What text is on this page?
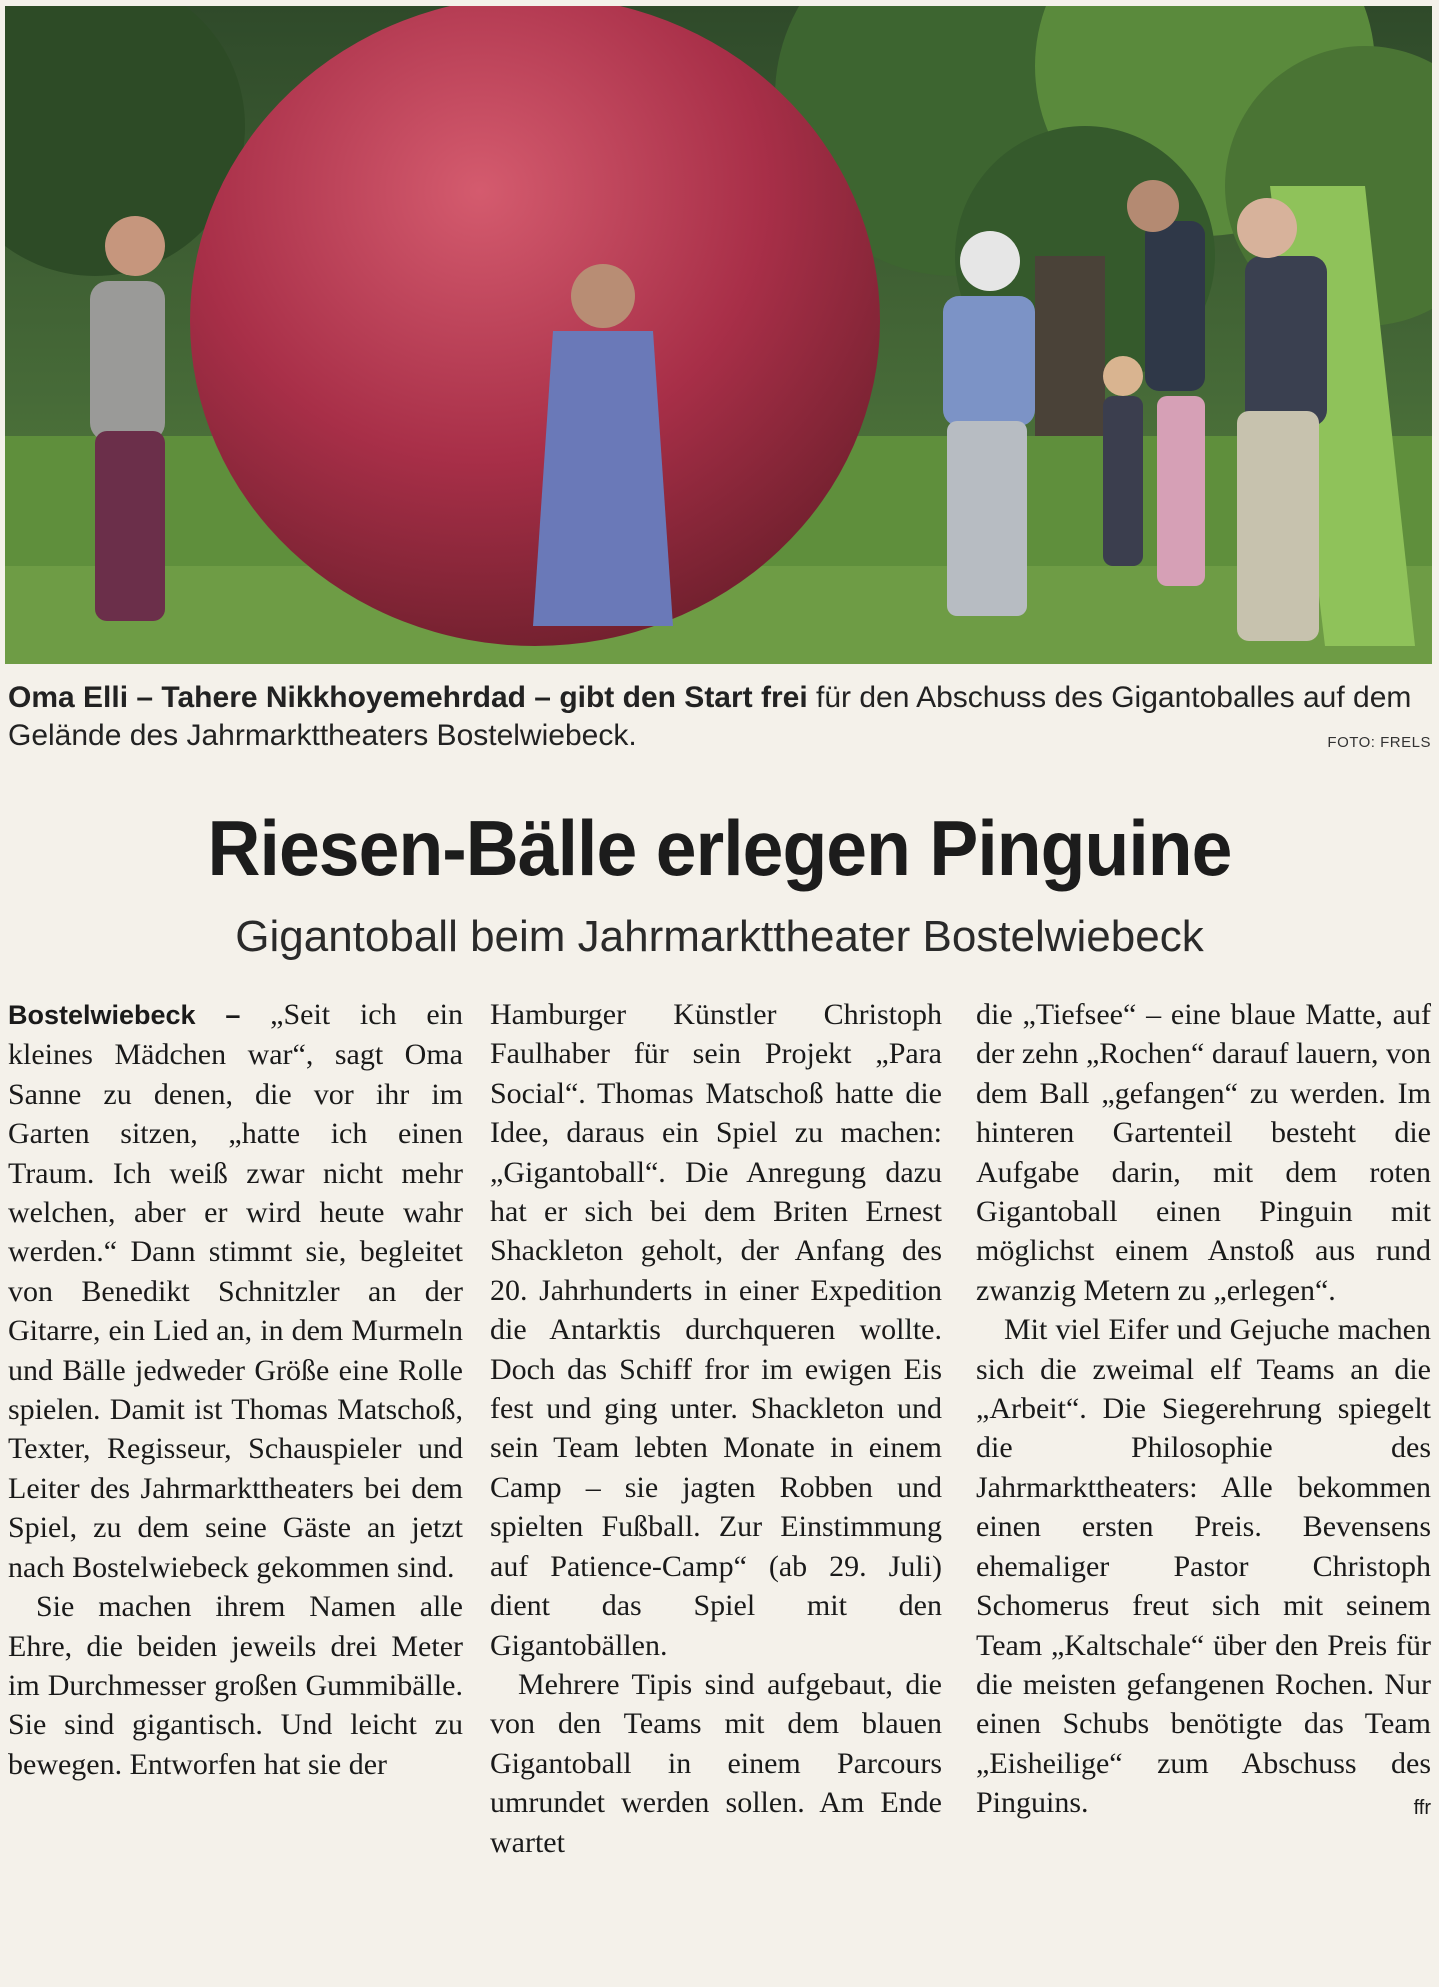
Oma Elli – Tahere Nikkhoyemehrdad – gibt den Start frei für den Abschuss des Gigantoballes auf dem Gelände des Jahrmarkttheaters Bostelwiebeck.	FOTO: FRELS
Riesen-Bälle erlegen Pinguine
Gigantoball beim Jahrmarkttheater Bostelwiebeck

Bostelwiebeck – „Seit ich ein kleines Mädchen war“, sagt Oma Sanne zu denen, die vor ihr im Garten sitzen, „hatte ich einen Traum. Ich weiß zwar nicht mehr welchen, aber er wird heute wahr werden.“ Dann stimmt sie, begleitet von Benedikt Schnitzler an der Gitarre, ein Lied an, in dem Murmeln und Bälle jedweder Größe eine Rolle spielen. Damit ist Thomas Matschoß, Texter, Regisseur, Schauspieler und Leiter des Jahrmarkttheaters bei dem Spiel, zu dem seine Gäste an jetzt nach Bostelwiebeck gekommen sind.

Sie machen ihrem Namen alle Ehre, die beiden jeweils drei Meter im Durchmesser großen Gummibälle. Sie sind gigantisch. Und leicht zu bewegen. Entworfen hat sie der

Hamburger Künstler Christoph Faulhaber für sein Projekt „Para Social“. Thomas Matschoß hatte die Idee, daraus ein Spiel zu machen: „Gigantoball“. Die Anregung dazu hat er sich bei dem Briten Ernest Shackleton geholt, der Anfang des 20. Jahrhunderts in einer Expedition die Antarktis durchqueren wollte. Doch das Schiff fror im ewigen Eis fest und ging unter. Shackleton und sein Team lebten Monate in einem Camp – sie jagten Robben und spielten Fußball. Zur Einstimmung auf Patience-Camp“ (ab 29. Juli) dient das Spiel mit den Gigantobällen.

Mehrere Tipis sind aufgebaut, die von den Teams mit dem blauen Gigantoball in einem Parcours umrundet werden sollen. Am Ende wartet

die „Tiefsee“ – eine blaue Matte, auf der zehn „Rochen“ darauf lauern, von dem Ball „gefangen“ zu werden. Im hinteren Gartenteil besteht die Aufgabe darin, mit dem roten Gigantoball einen Pinguin mit möglichst einem Anstoß aus rund zwanzig Metern zu „erlegen“.

Mit viel Eifer und Gejuche machen sich die zweimal elf Teams an die „Arbeit“. Die Siegerehrung spiegelt die Philosophie des Jahrmarkttheaters: Alle bekommen einen ersten Preis. Bevensens ehemaliger Pastor Christoph Schomerus freut sich mit seinem Team „Kaltschale“ über den Preis für die meisten gefangenen Rochen. Nur einen Schubs benötigte das Team „Eisheilige“ zum Abschuss des Pinguins.	ffr
